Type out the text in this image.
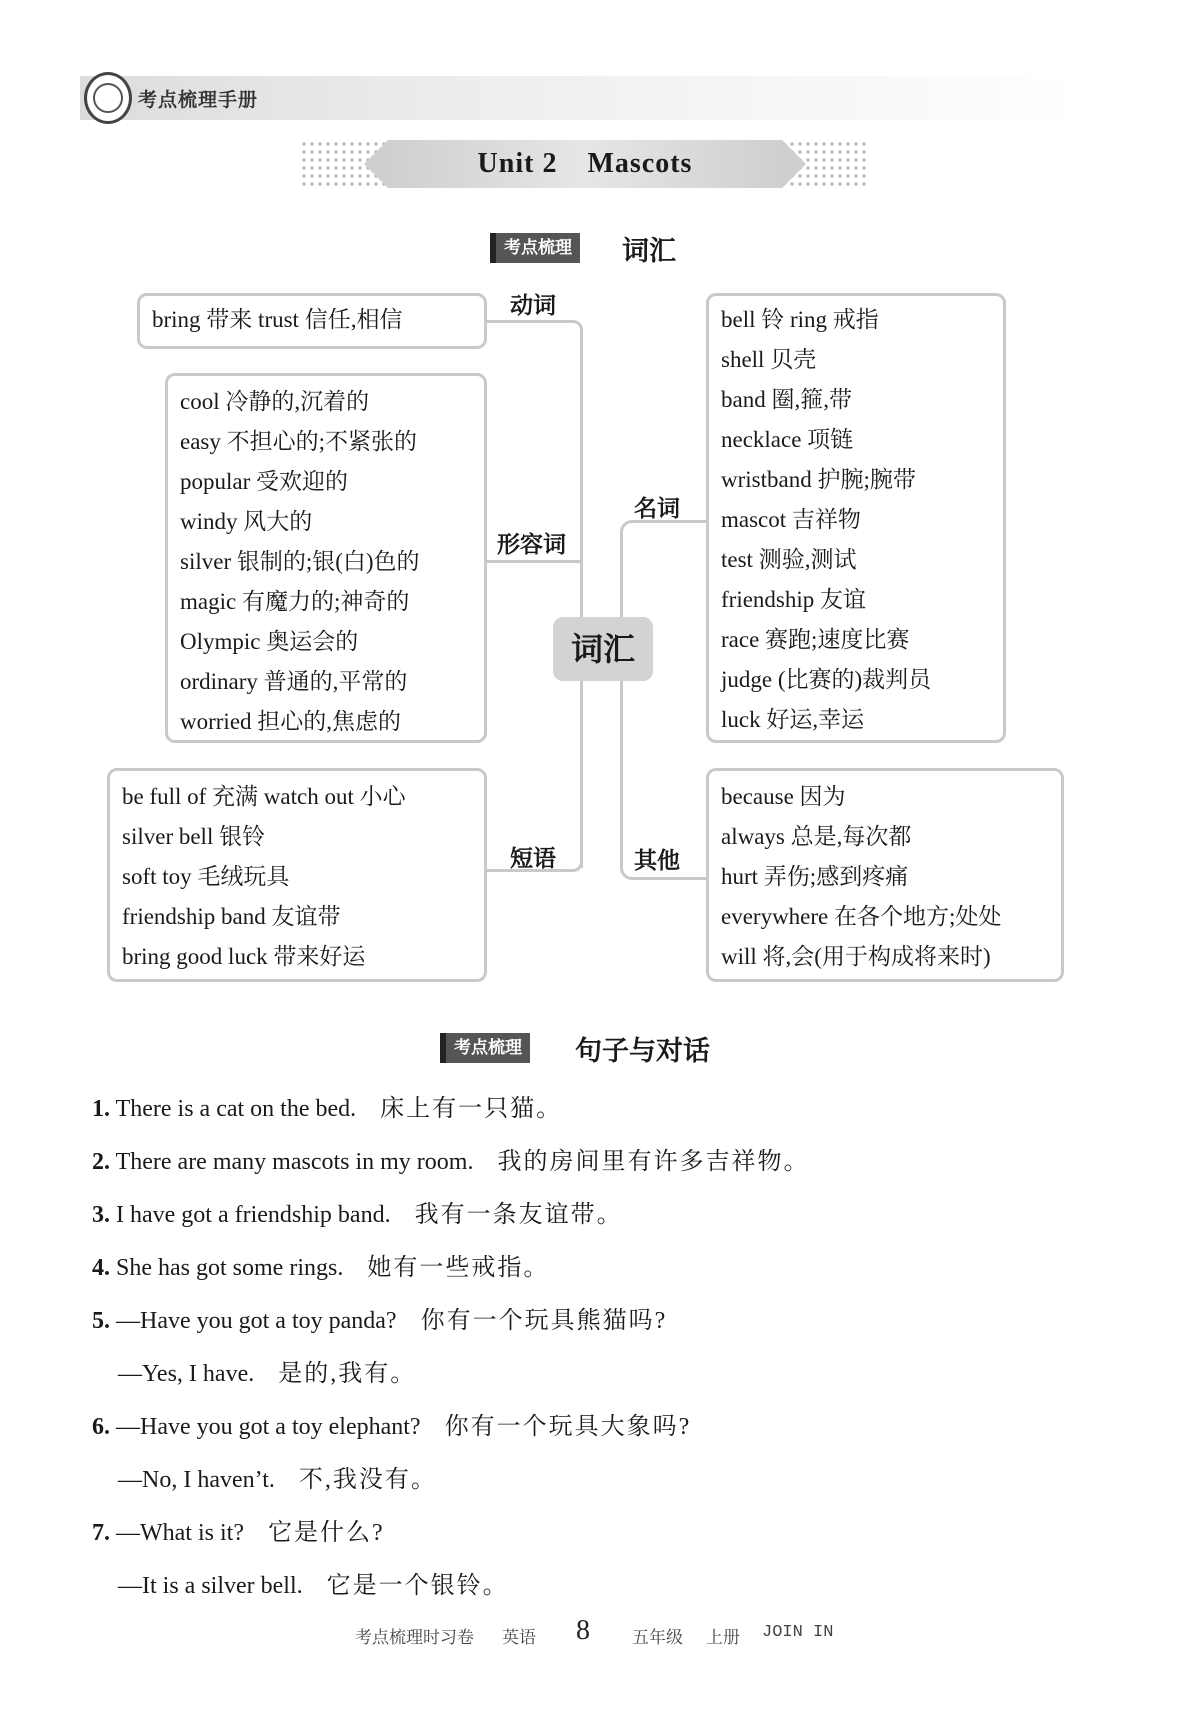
考点梳理手册
Unit 2 Mascots
考点梳理 词汇
词汇
bring 带来 trust 信任,相信
动词
cool 冷静的,沉着的
easy 不担心的;不紧张的
popular 受欢迎的
windy 风大的
silver 银制的;银(白)色的
magic 有魔力的;神奇的
Olympic 奥运会的
ordinary 普通的,平常的
worried 担心的,焦虑的
形容词
be full of 充满 watch out 小心
silver bell 银铃
soft toy 毛绒玩具
friendship band 友谊带
bring good luck 带来好运
短语
bell 铃 ring 戒指
shell 贝壳
band 圈,箍,带
necklace 项链
wristband 护腕;腕带
mascot 吉祥物
test 测验,测试
friendship 友谊
race 赛跑;速度比赛
judge (比赛的)裁判员
luck 好运,幸运
名词
because 因为
always 总是,每次都
hurt 弄伤;感到疼痛
everywhere 在各个地方;处处
will 将,会(用于构成将来时)
其他
考点梳理 句子与对话
1. There is a cat on the bed. 床上有一只猫。
2. There are many mascots in my room. 我的房间里有许多吉祥物。
3. I have got a friendship band. 我有一条友谊带。
4. She has got some rings. 她有一些戒指。
5. —Have you got a toy panda? 你有一个玩具熊猫吗?
—Yes, I have. 是的,我有。
6. —Have you got a toy elephant? 你有一个玩具大象吗?
—No, I haven’t. 不,我没有。
7. —What is it? 它是什么?
—It is a silver bell. 它是一个银铃。
考点梳理时习卷 英语 8 五年级 上册 JOIN IN
